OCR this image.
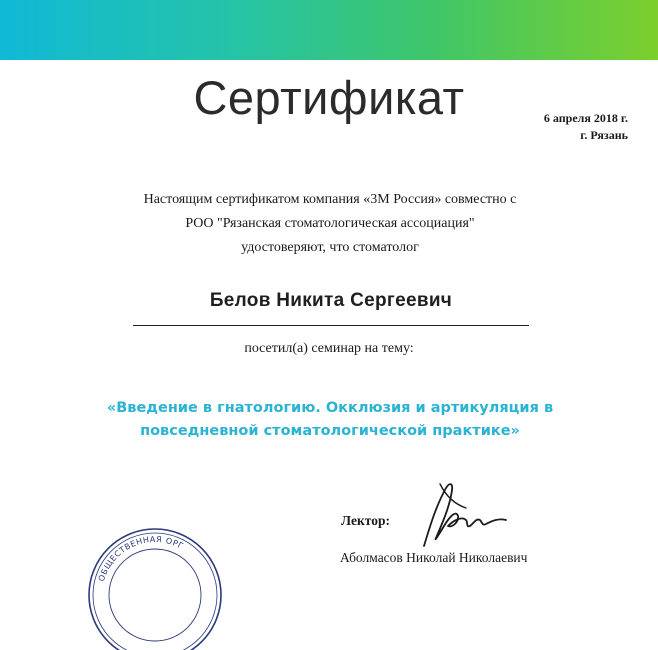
Сертификат	6 апреля 2018 г.
г. Рязань
Настоящим сертификатом компания «3М Россия» совместно с
РОО "Рязанская стоматологическая ассоциация"
удостоверяют, что стоматолог
Белов Никита Сергеевич
посетил(а) семинар на тему:
«Введение в гнатологию. Окклюзия и артикуляция в
повседневной стоматологической практике»
Лектор:
Аболмасов Николай Николаевич
ОБЩЕСТВЕННАЯ ОРГ
